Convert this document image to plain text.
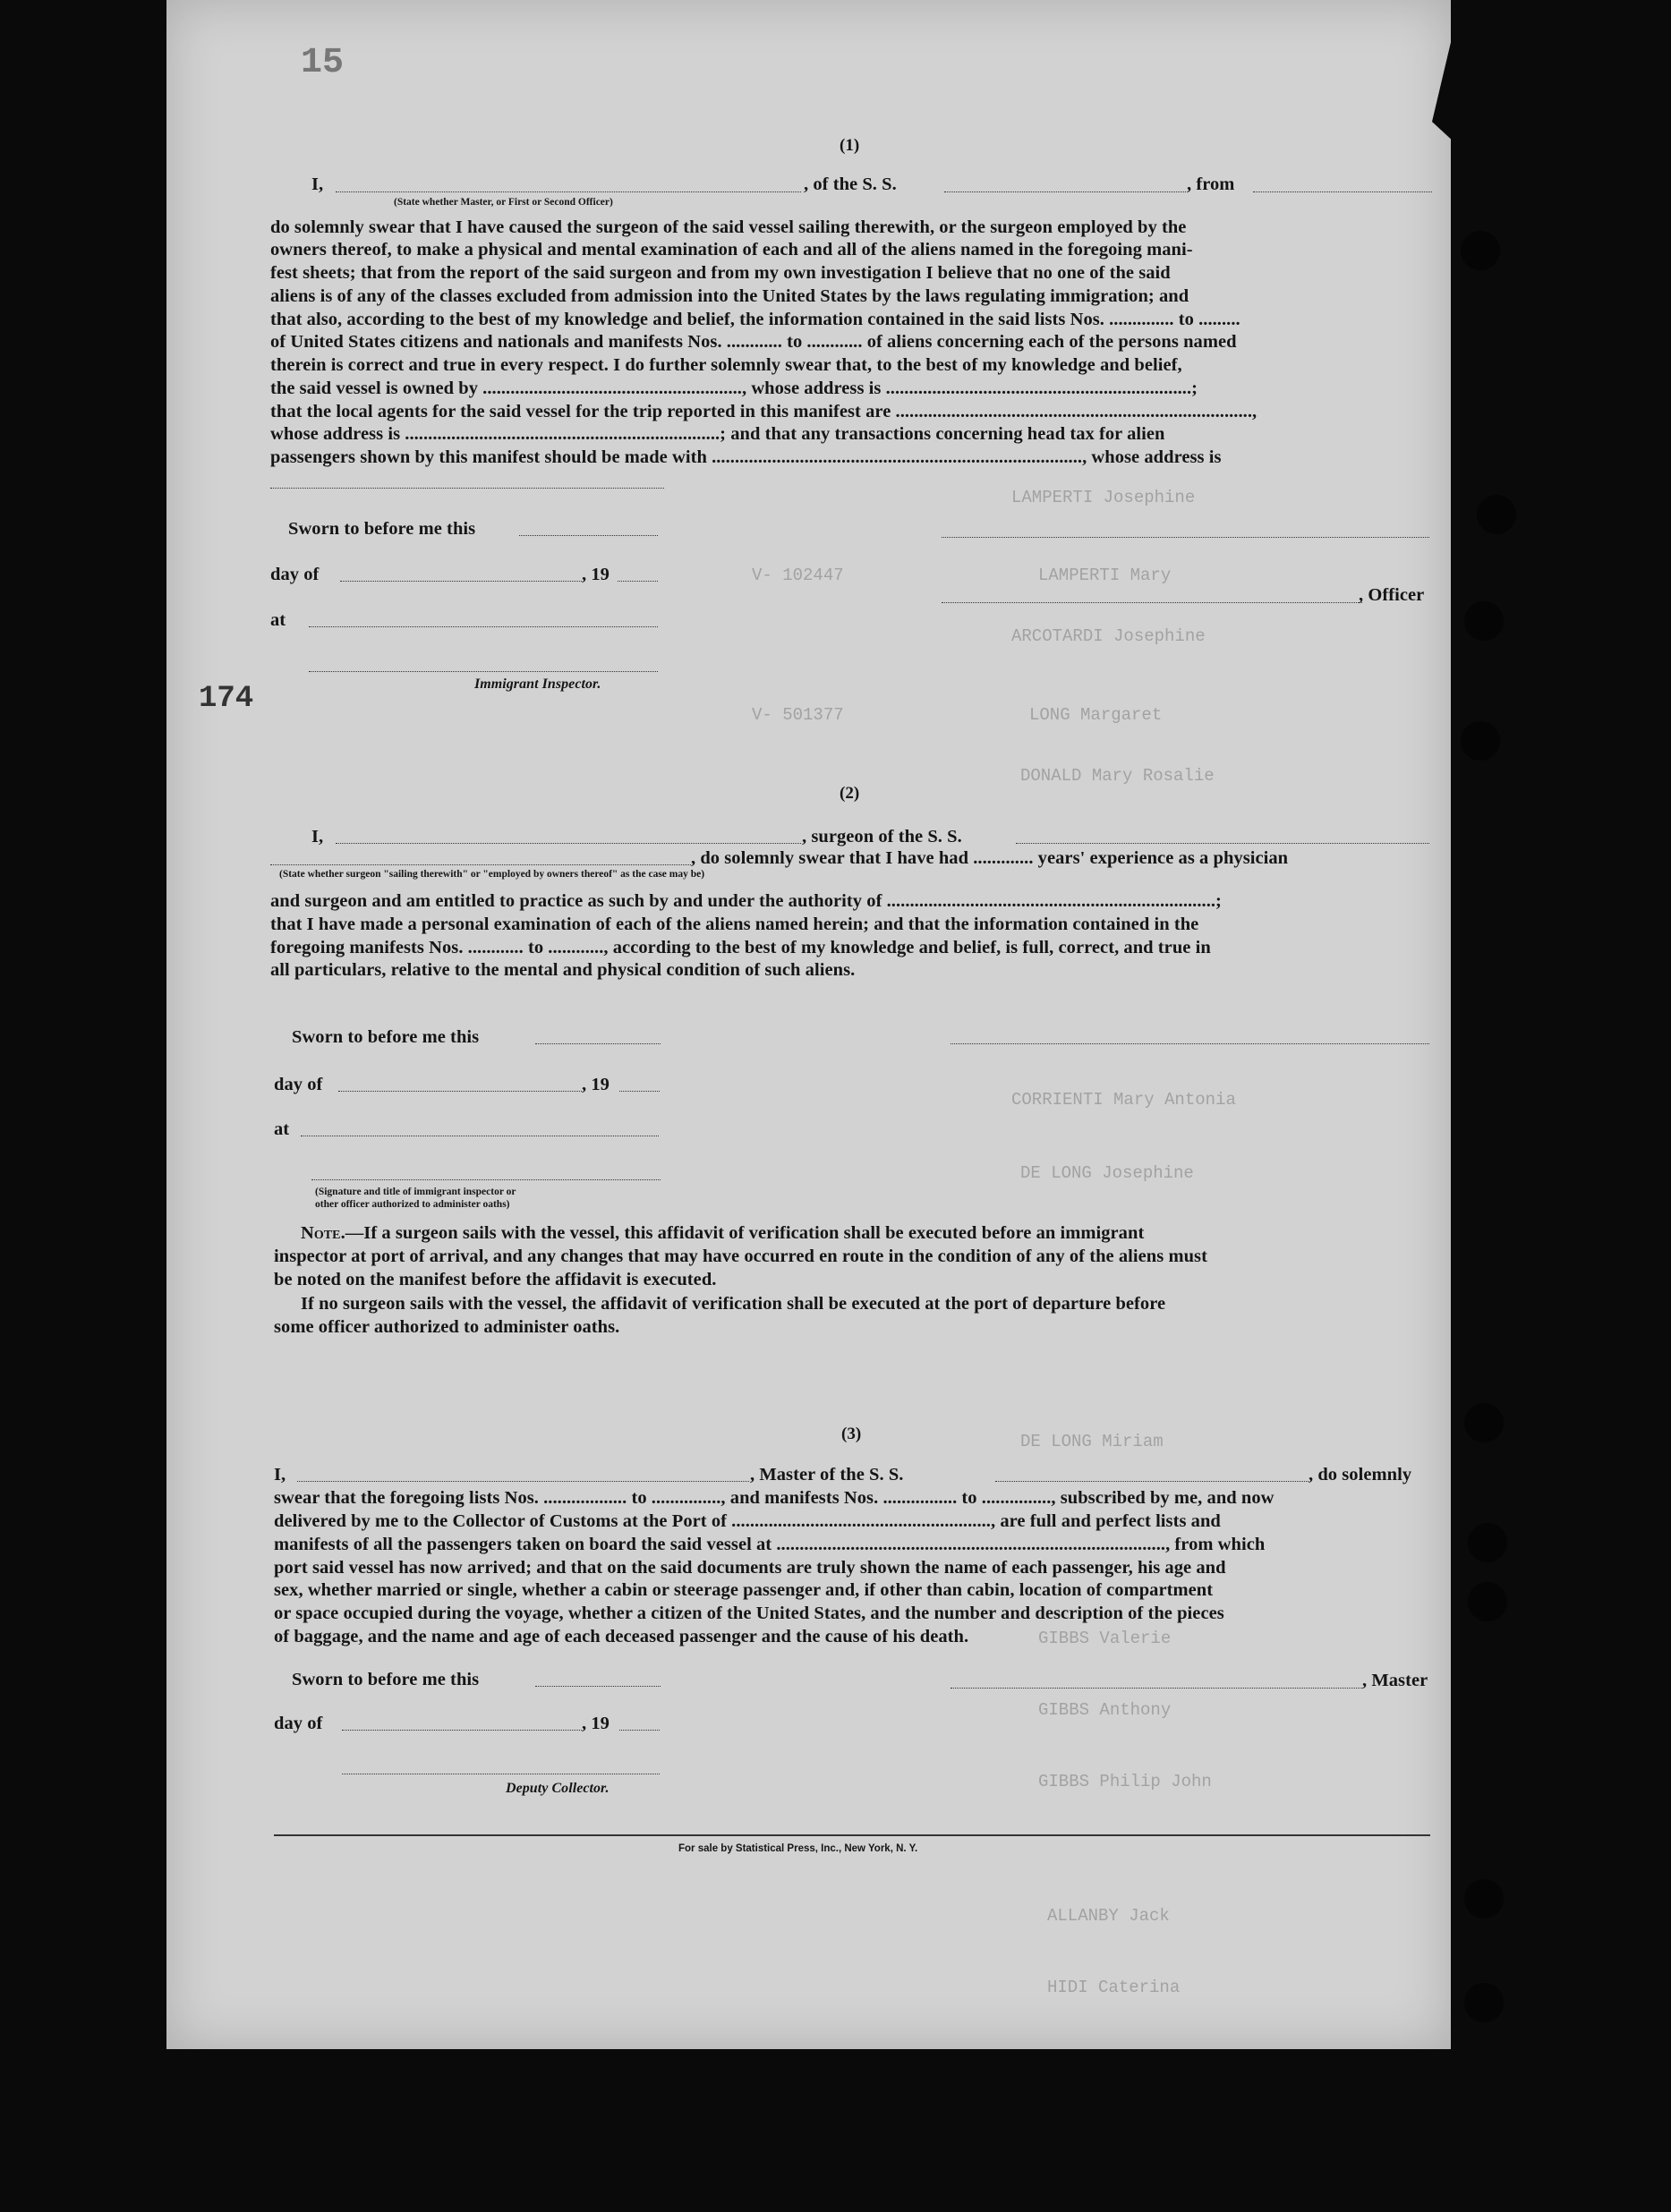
LAMPERTI Josephine
LAMPERTI Mary
V- 102447
ARCOTARDI Josephine
LONG Margaret
V- 501377
DONALD Mary Rosalie
CORRIENTI Mary Antonia
DE LONG Josephine
DE LONG Miriam
GIBBS Valerie
GIBBS Anthony
GIBBS Philip John
ALLANBY Jack
HIDI Caterina
15
174
(1)
I,	, of the S. S.	, from
(State whether Master, or First or Second Officer)
do solemnly swear that I have caused the surgeon of the said vessel sailing therewith, or the surgeon employed by the
owners thereof, to make a physical and mental examination of each and all of the aliens named in the foregoing mani-
fest sheets; that from the report of the said surgeon and from my own investigation I believe that no one of the said
aliens is of any of the classes excluded from admission into the United States by the laws regulating immigration; and
that also, according to the best of my knowledge and belief, the information contained in the said lists Nos. .............. to .........
of United States citizens and nationals and manifests Nos. ............ to ............ of aliens concerning each of the persons named
therein is correct and true in every respect. I do further solemnly swear that, to the best of my knowledge and belief,
the said vessel is owned by ........................................................, whose address is ..................................................................;
that the local agents for the said vessel for the trip reported in this manifest are .............................................................................,
whose address is ....................................................................; and that any transactions concerning head tax for alien
passengers shown by this manifest should be made with ................................................................................, whose address is
Sworn to before me this
day of	, 19
, Officer
at
Immigrant Inspector.
(2)
I,	, surgeon of the S. S.
, do solemnly swear that I have had ............. years' experience as a physician
(State whether surgeon "sailing therewith" or "employed by owners thereof" as the case may be)
and surgeon and am entitled to practice as such by and under the authority of .......................................................................;
that I have made a personal examination of each of the aliens named herein; and that the information contained in the
foregoing manifests Nos. ............ to ............, according to the best of my knowledge and belief, is full, correct, and true in
all particulars, relative to the mental and physical condition of such aliens.
Sworn to before me this
day of	, 19
at
(Signature and title of immigrant inspector or
other officer authorized to administer oaths)
Note.—If a surgeon sails with the vessel, this affidavit of verification shall be executed before an immigrant
inspector at port of arrival, and any changes that may have occurred en route in the condition of any of the aliens must
be noted on the manifest before the affidavit is executed.
If no surgeon sails with the vessel, the affidavit of verification shall be executed at the port of departure before
some officer authorized to administer oaths.
(3)
I,	, Master of the S. S.	, do solemnly
swear that the foregoing lists Nos. .................. to ..............., and manifests Nos. ................ to ..............., subscribed by me, and now
delivered by me to the Collector of Customs at the Port of ........................................................, are full and perfect lists and
manifests of all the passengers taken on board the said vessel at ...................................................................................., from which
port said vessel has now arrived; and that on the said documents are truly shown the name of each passenger, his age and
sex, whether married or single, whether a cabin or steerage passenger and, if other than cabin, location of compartment
or space occupied during the voyage, whether a citizen of the United States, and the number and description of the pieces
of baggage, and the name and age of each deceased passenger and the cause of his death.
Sworn to before me this	, Master
day of	, 19
Deputy Collector.
For sale by Statistical Press, Inc., New York, N. Y.
